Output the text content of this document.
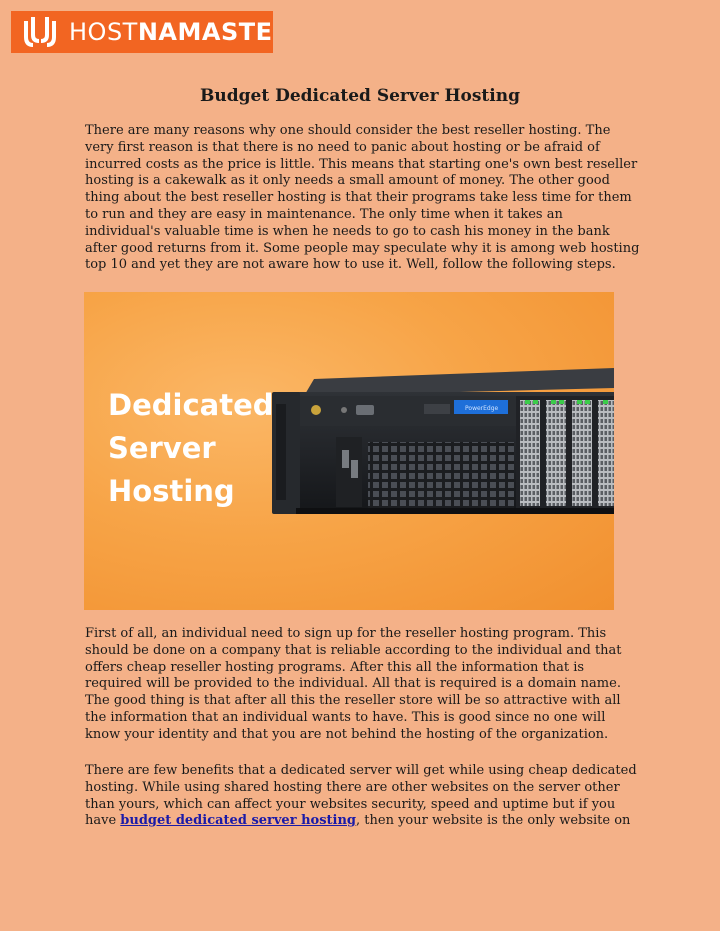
HOSTNAMASTE
Budget Dedicated Server Hosting

There are many reasons why one should consider the best reseller hosting. The very first reason is that there is no need to panic about hosting or be afraid of incurred costs as the price is little. This means that starting one's own best reseller hosting is a cakewalk as it only needs a small amount of money. The other good thing about the best reseller hosting is that their programs take less time for them to run and they are easy in maintenance. The only time when it takes an individual's valuable time is when he needs to go to cash his money in the bank after good returns from it. Some people may speculate why it is among web hosting top 10 and yet they are not aware how to use it. Well, follow the following steps.

PowerEdge
Dedicated
Server
Hosting

First of all, an individual need to sign up for the reseller hosting program. This should be done on a company that is reliable according to the individual and that offers cheap reseller hosting programs. After this all the information that is required will be provided to the individual. All that is required is a domain name. The good thing is that after all this the reseller store will be so attractive with all the information that an individual wants to have. This is good since no one will know your identity and that you are not behind the hosting of the organization.

There are few benefits that a dedicated server will get while using cheap dedicated hosting. While using shared hosting there are other websites on the server other than yours, which can affect your websites security, speed and uptime but if you have budget dedicated server hosting, then your website is the only website on
